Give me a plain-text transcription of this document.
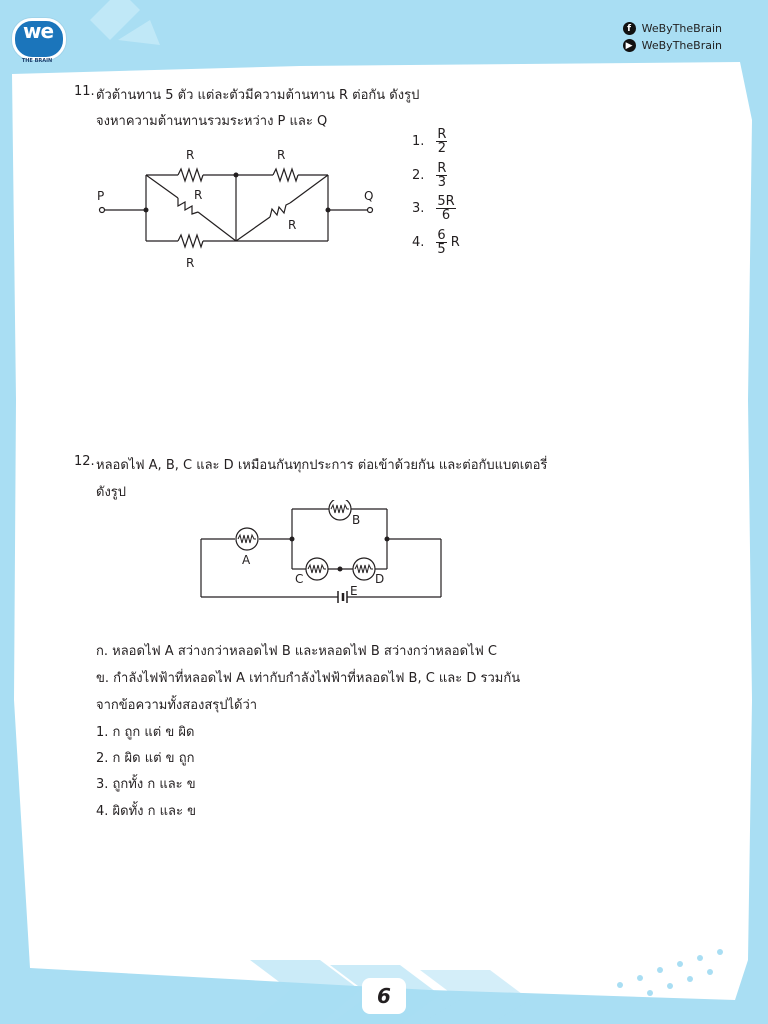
we
THE BRAIN
f WeByTheBrain
▶ WeByTheBrain
11. ตัวต้านทาน 5 ตัว แต่ละตัวมีความต้านทาน R ต่อกัน ดังรูป
จงหาความต้านทานรวมระหว่าง P และ Q
P	Q
R	R
R
R
R
1. $\frac{R}{2}$
2. $\frac{R}{3}$
3. $\frac{5R}{6}$
4. $\frac{6}{5}$ R
12. หลอดไฟ A, B, C และ D เหมือนกันทุกประการ ต่อเข้าด้วยกัน และต่อกับแบตเตอรี่
ดังรูป
A
B
C	D
E
ก. หลอดไฟ A สว่างกว่าหลอดไฟ B และหลอดไฟ B สว่างกว่าหลอดไฟ C
ข. กำลังไฟฟ้าที่หลอดไฟ A เท่ากับกำลังไฟฟ้าที่หลอดไฟ B, C และ D รวมกัน
จากข้อความทั้งสองสรุปได้ว่า
1. ก ถูก แต่ ข ผิด
2. ก ผิด แต่ ข ถูก
3. ถูกทั้ง ก และ ข
4. ผิดทั้ง ก และ ข
6
